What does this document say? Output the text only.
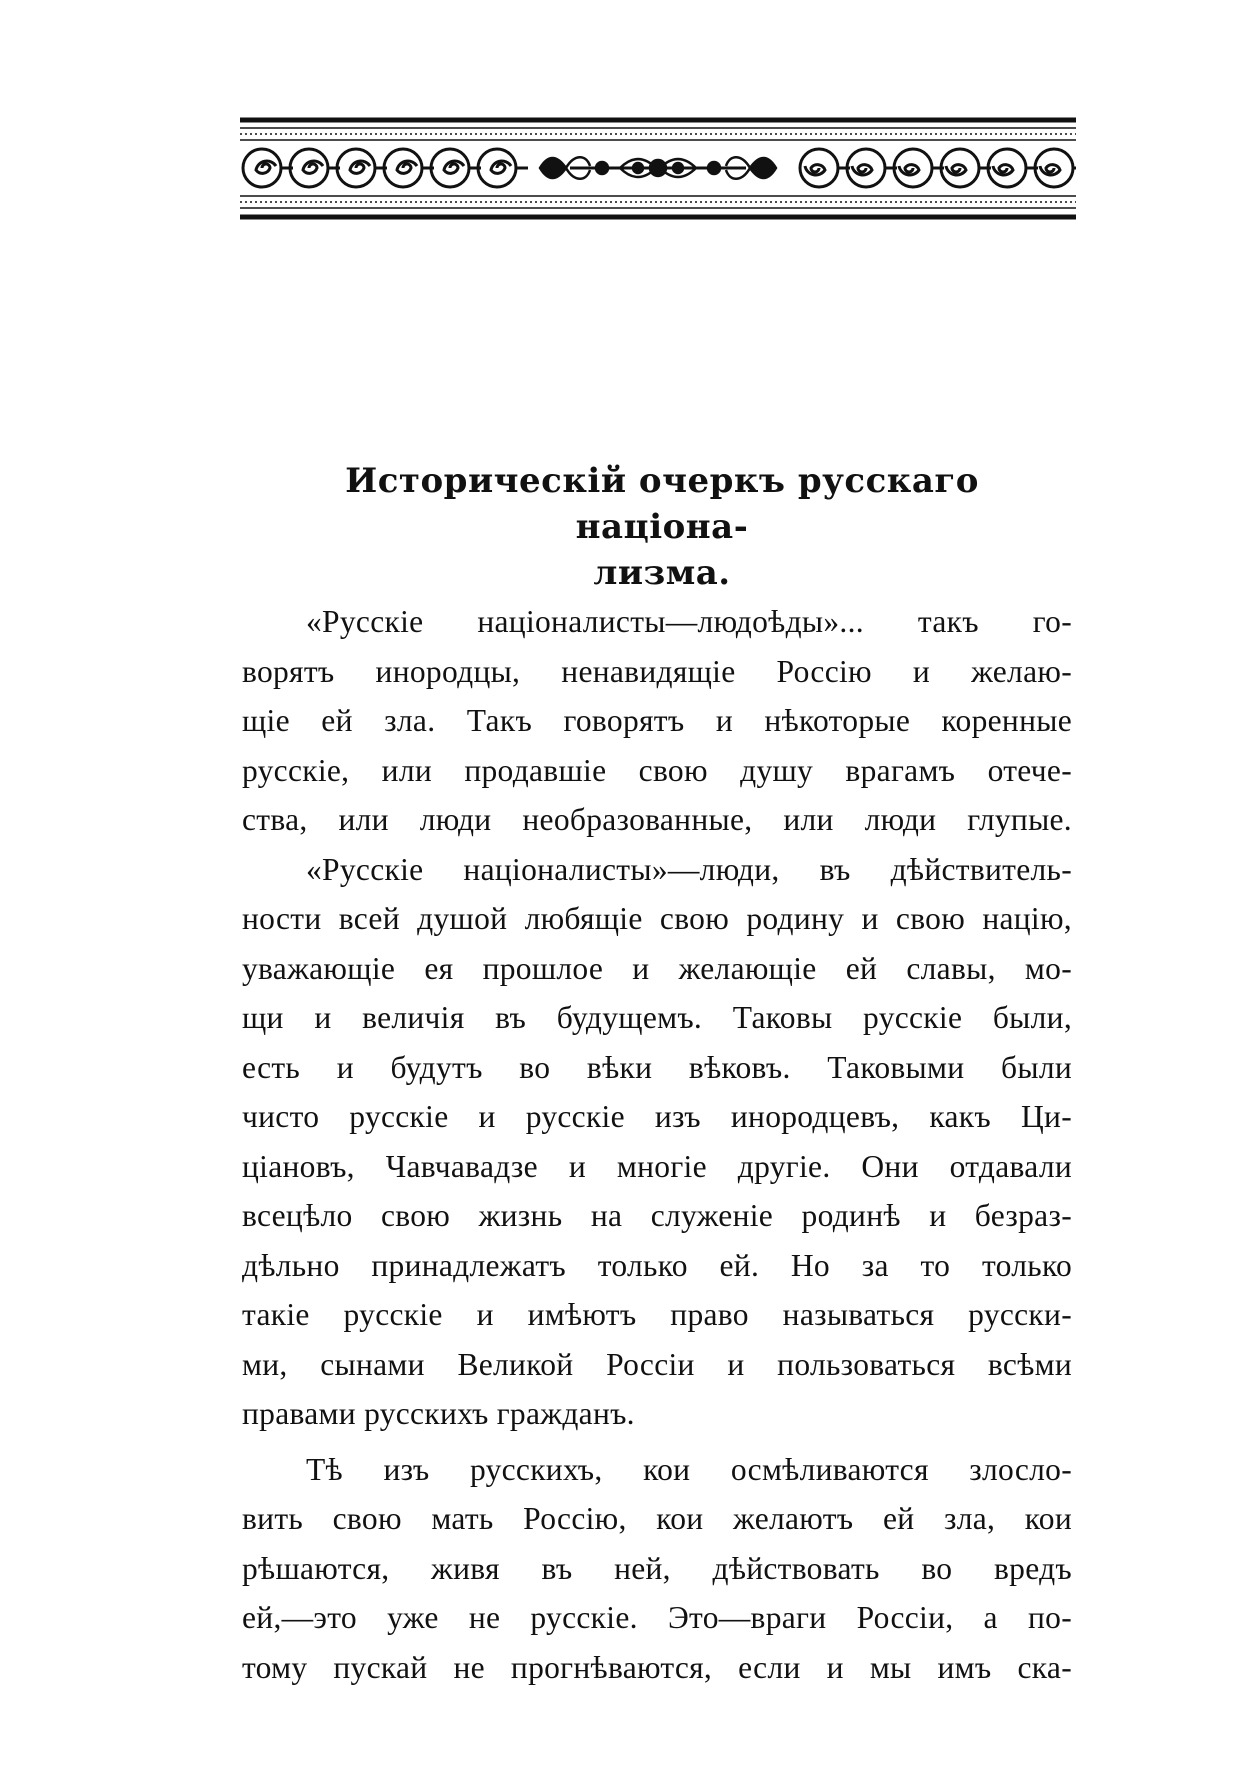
Историческiй очеркъ русскаго нацiона-
лизма.

«Русскiе нацiоналисты—людоѣды»... такъ го-
ворятъ инородцы, ненавидящiе Россiю и желаю-
щiе ей зла. Такъ говорятъ и нѣкоторые коренные
русскiе, или продавшiе свою душу врагамъ отече-
ства, или люди необразованные, или люди глупые.

«Русскiе нацiоналисты»—люди, въ дѣйствитель-
ности всей душой любящiе свою родину и свою нацiю,
уважающiе ея прошлое и желающiе ей славы, мо-
щи и величiя въ будущемъ. Таковы русскiе были,
есть и будутъ во вѣки вѣковъ. Таковыми были
чисто русскiе и русскiе изъ инородцевъ, какъ Ци-
цiановъ, Чавчавадзе и многiе другiе. Они отдавали
всецѣло свою жизнь на служенiе родинѣ и безраз-
дѣльно принадлежатъ только ей. Но за то только
такiе русскiе и имѣютъ право называться русски-
ми, сынами Великой Россiи и пользоваться всѣми
правами русскихъ гражданъ.

Тѣ изъ русскихъ, кои осмѣливаются злосло-
вить свою мать Россiю, кои желаютъ ей зла, кои
рѣшаются, живя въ ней, дѣйствовать во вредъ
ей,—это уже не русскiе. Это—враги Россiи, а по-
тому пускай не прогнѣваются, если и мы имъ ска-
